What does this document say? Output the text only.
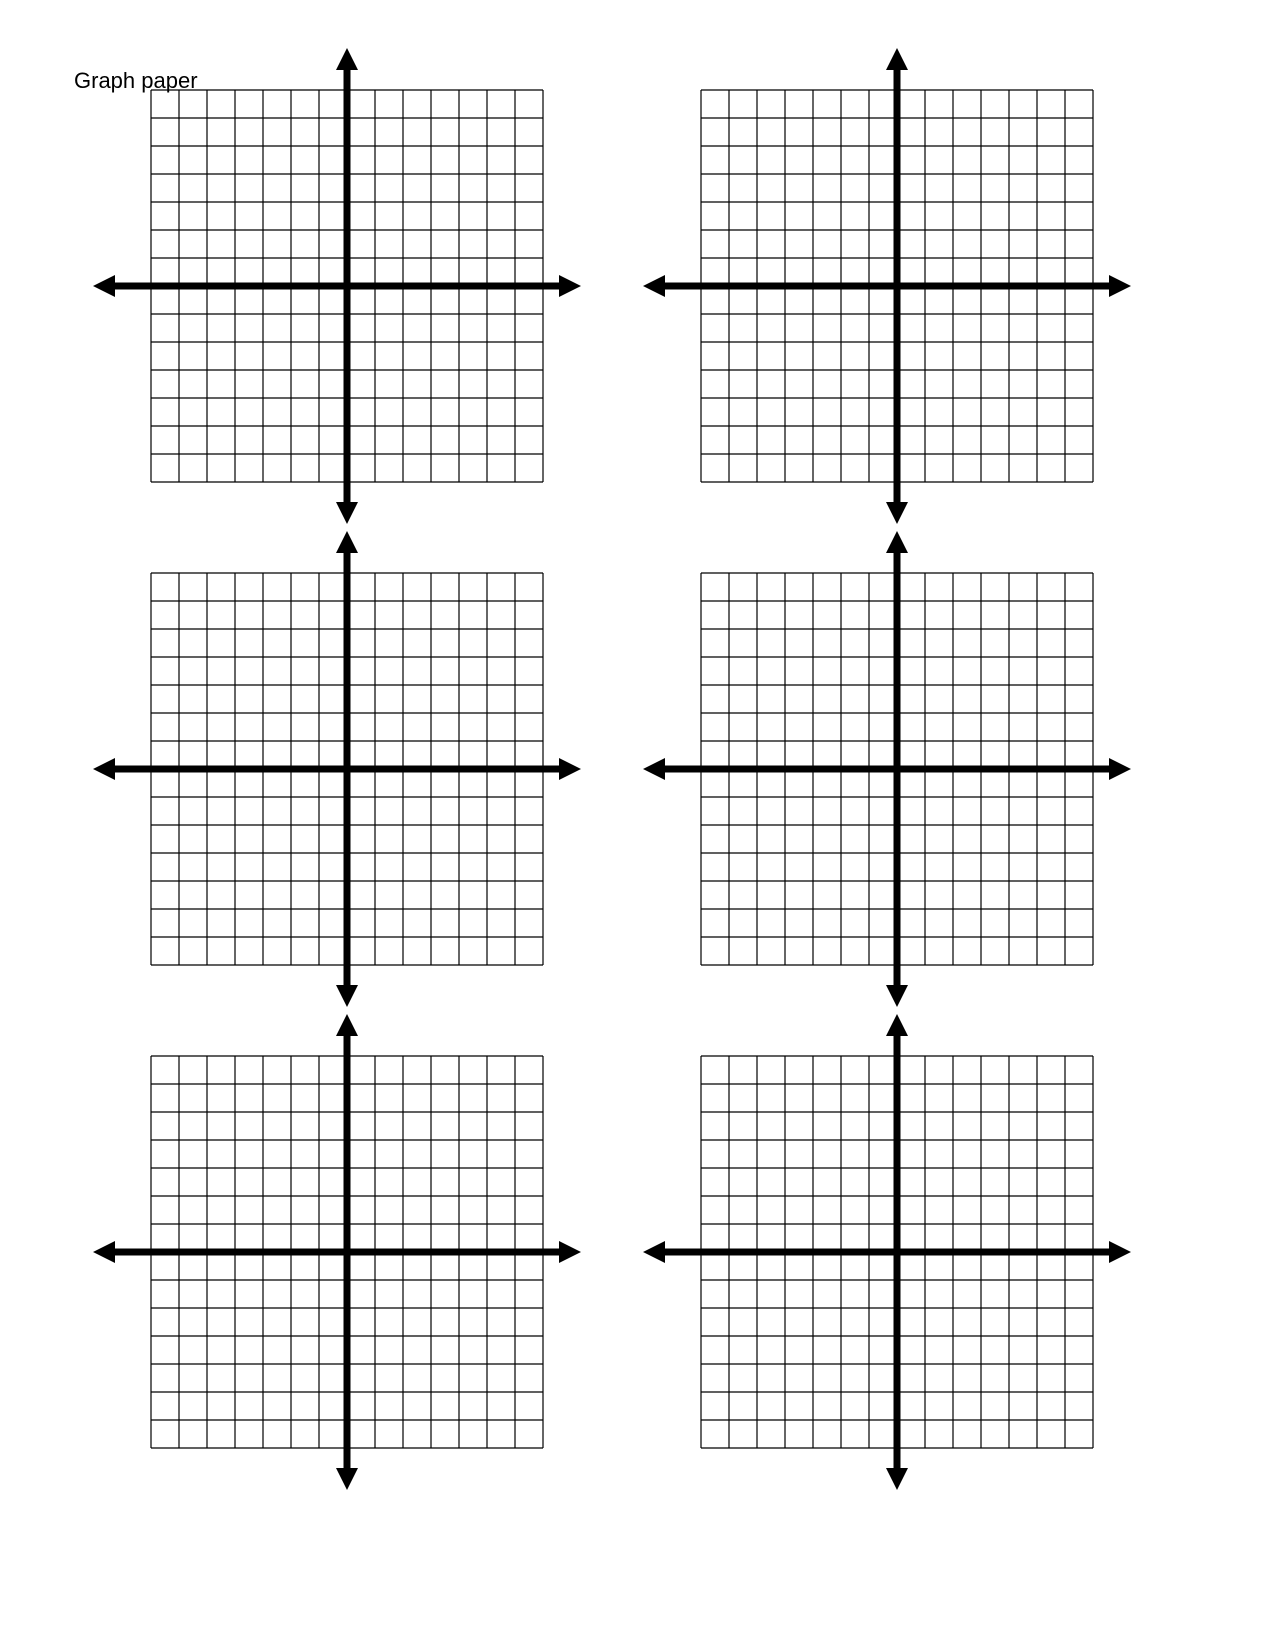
Graph paper
